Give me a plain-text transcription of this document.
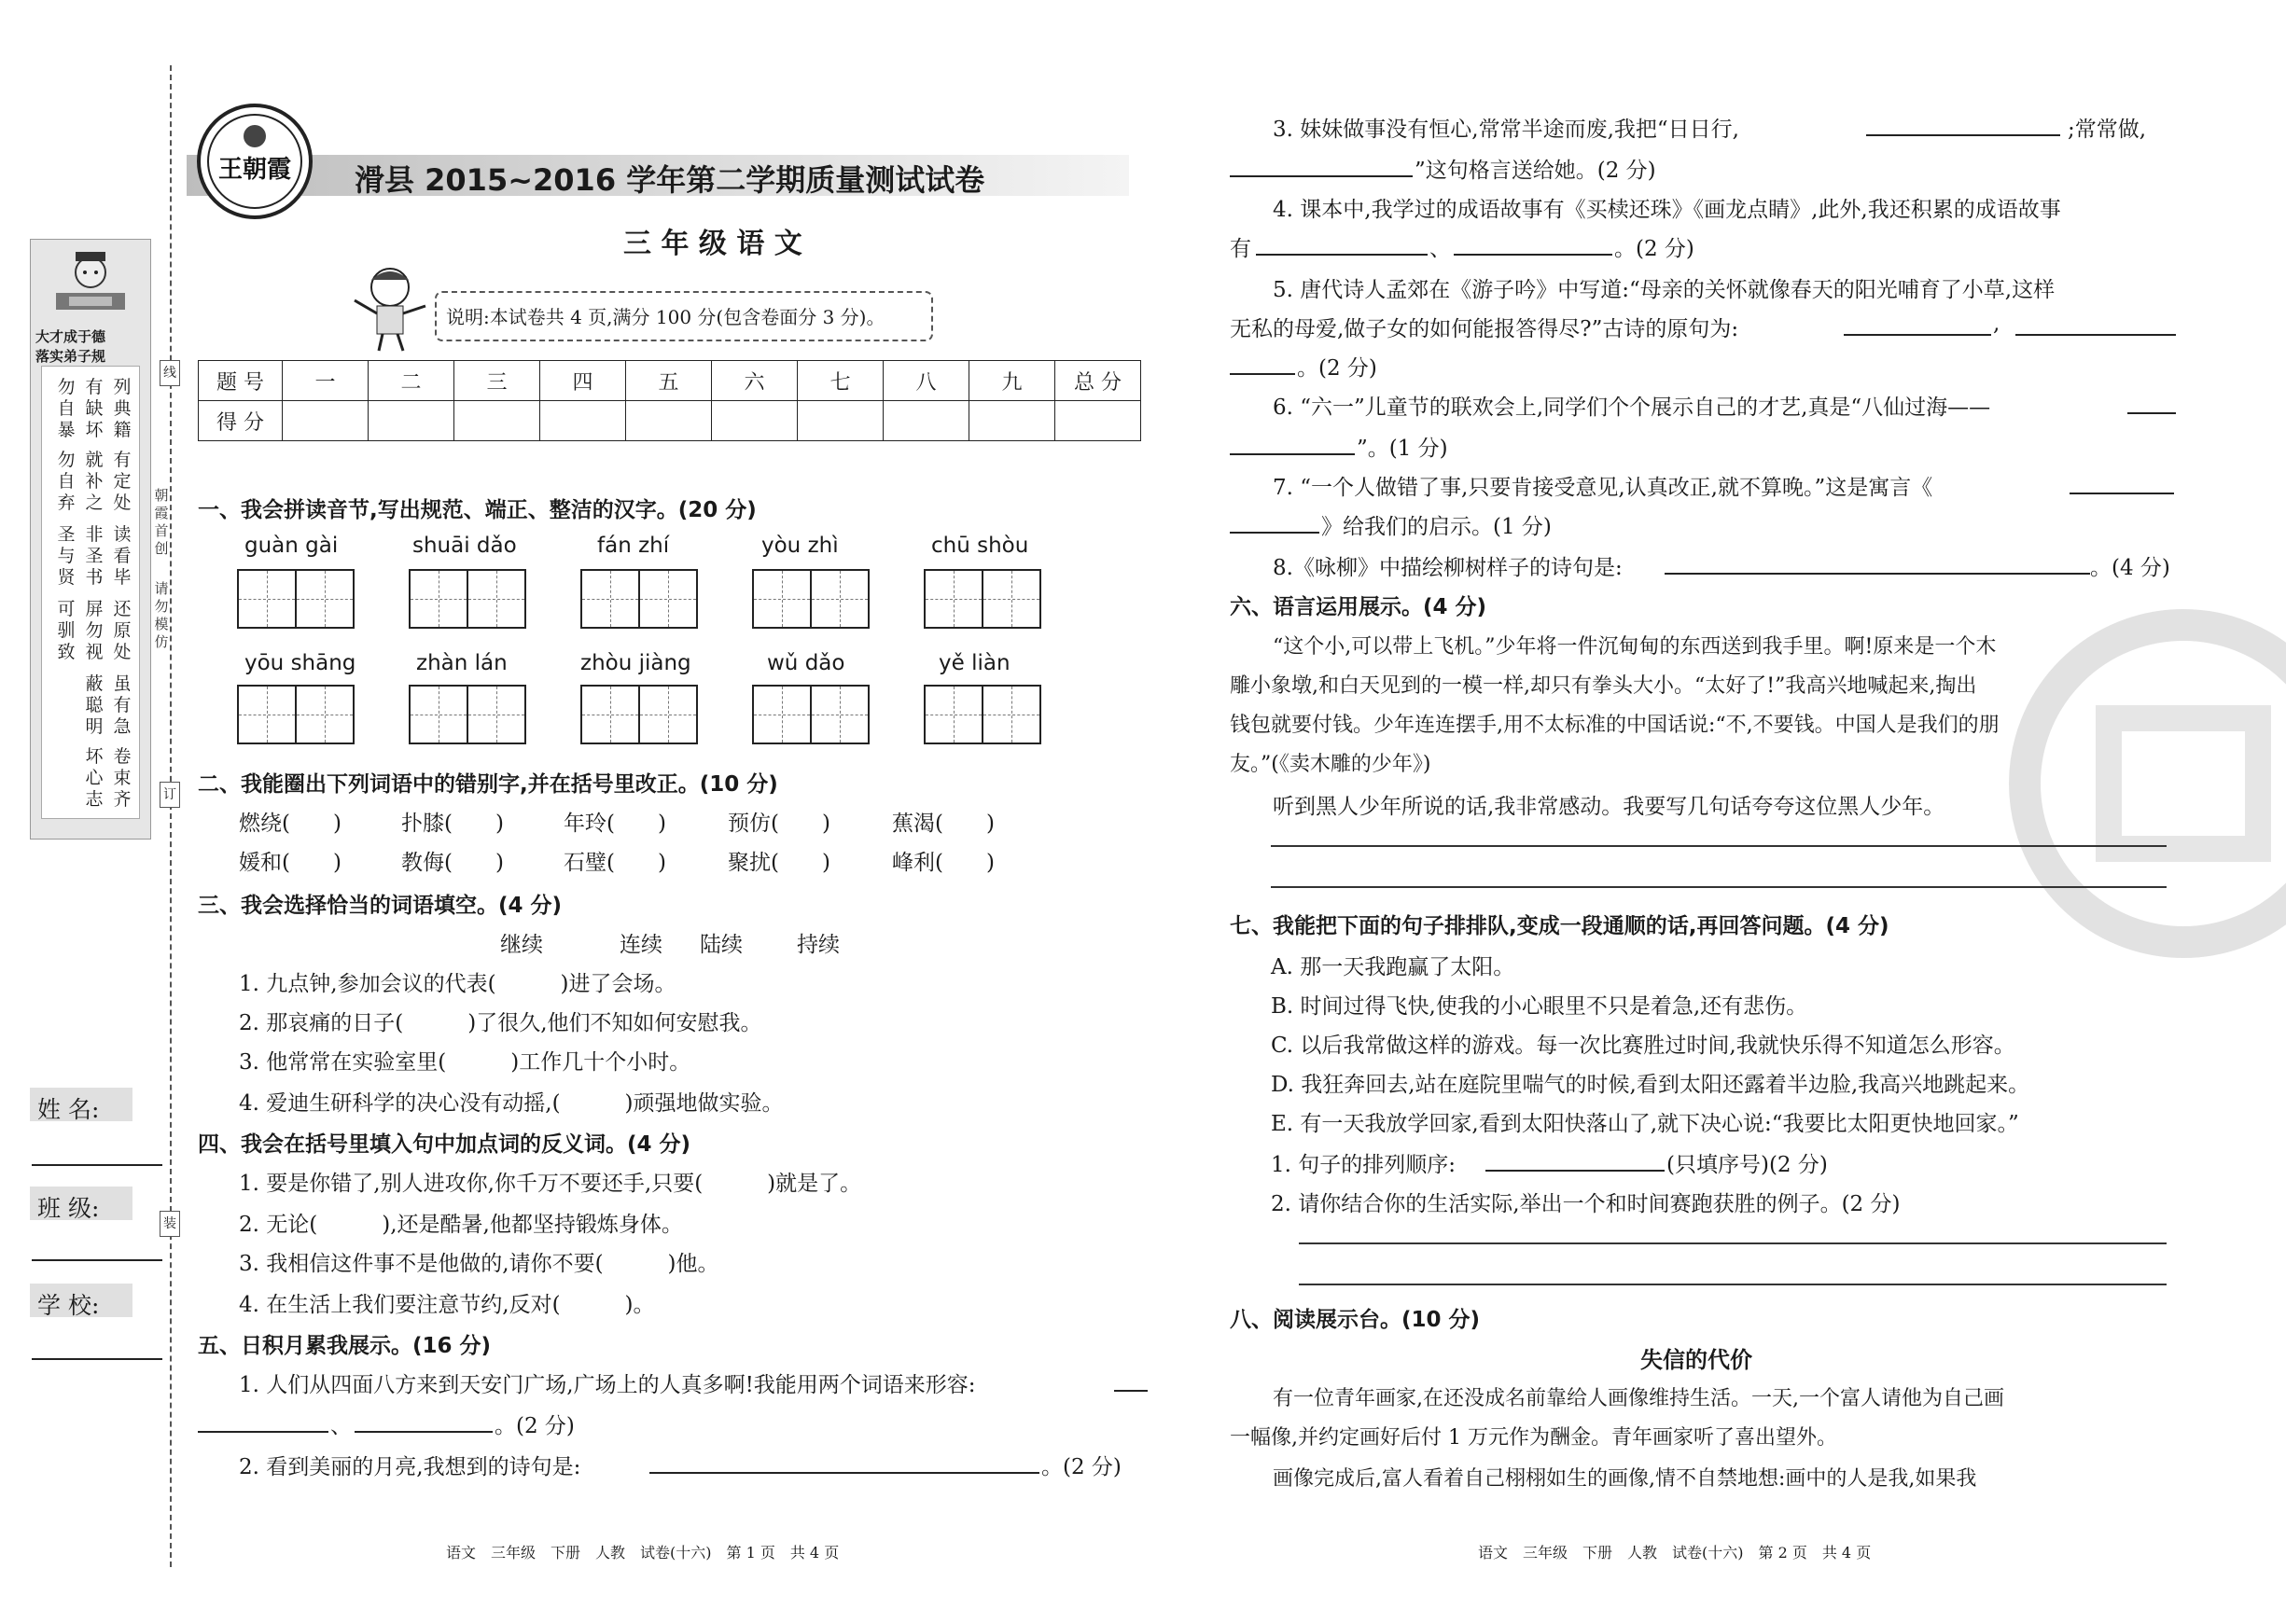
线
订
装
大才成于德
落实弟子规
列典籍
有缺坏
勿自暴
有定处
就补之
勿自弃
读看毕
非圣书
圣与贤
还原处
屏勿视
可驯致
虽有急
蔽聪明
卷束齐
坏心志
朝霞首创
请勿模仿
姓 名:
班 级:
学 校:
王朝霞 滑县 2015~2016 学年第二学期质量测试试卷
三 年 级 语 文
说明:本试卷共 4 页,满分 100 分(包含卷面分 3 分)。
题 号	一	二	三	四	五	六	七	八	九	总 分
得 分										
一、我会拼读音节,写出规范、端正、整洁的汉字。(20 分)
guàn gài	shuāi dǎo	fán zhí	yòu zhì	chū shòu
yōu shāng	zhàn lán	zhòu jiàng	wǔ dǎo	yě liàn
二、我能圈出下列词语中的错别字,并在括号里改正。(10 分)
燃绕(　　)	扑膝(　　)	年玲(　　)	预仿(　　)	蕉渴(　　)
媛和(　　)	教侮(　　)	石璧(　　)	聚扰(　　)	峰利(　　)
三、我会选择恰当的词语填空。(4 分)
继续	连续 陆续	持续
1. 九点钟,参加会议的代表(　　　)进了会场。
2. 那哀痛的日子(　　　)了很久,他们不知如何安慰我。
3. 他常常在实验室里(　　　)工作几十个小时。
4. 爱迪生研科学的决心没有动摇,(　　　)顽强地做实验。
四、我会在括号里填入句中加点词的反义词。(4 分)
1. 要是你错了,别人进攻你,你千万不要还手,只要(　　　)就是了。
2. 无论(　　　),还是酷暑,他都坚持锻炼身体。
3. 我相信这件事不是他做的,请你不要(　　　)他。
4. 在生活上我们要注意节约,反对(　　　)。
五、日积月累我展示。(16 分)
1. 人们从四面八方来到天安门广场,广场上的人真多啊!我能用两个词语来形容:
、	。(2 分)
2. 看到美丽的月亮,我想到的诗句是:	。(2 分)
语文　三年级　下册　人教　试卷(十六)　第 1 页　共 4 页
3. 妹妹做事没有恒心,常常半途而废,我把“日日行,	;常常做,
”这句格言送给她。(2 分)
4. 课本中,我学过的成语故事有《买椟还珠》《画龙点睛》,此外,我还积累的成语故事
有	、	。(2 分)
5. 唐代诗人孟郊在《游子吟》中写道:“母亲的关怀就像春天的阳光哺育了小草,这样
无私的母爱,做子女的如何能报答得尽?”古诗的原句为:	,
。(2 分)
6. “六一”儿童节的联欢会上,同学们个个展示自己的才艺,真是“八仙过海——
”。(1 分)
7. “一个人做错了事,只要肯接受意见,认真改正,就不算晚。”这是寓言《
》给我们的启示。(1 分)
8.《咏柳》中描绘柳树样子的诗句是:	。(4 分)
六、语言运用展示。(4 分)
“这个小,可以带上飞机。”少年将一件沉甸甸的东西送到我手里。啊!原来是一个木
雕小象墩,和白天见到的一模一样,却只有拳头大小。“太好了!”我高兴地喊起来,掏出
钱包就要付钱。少年连连摆手,用不太标准的中国话说:“不,不要钱。中国人是我们的朋
友。”(《卖木雕的少年》)
听到黑人少年所说的话,我非常感动。我要写几句话夸夸这位黑人少年。
七、我能把下面的句子排排队,变成一段通顺的话,再回答问题。(4 分)
A. 那一天我跑赢了太阳。
B. 时间过得飞快,使我的小心眼里不只是着急,还有悲伤。
C. 以后我常做这样的游戏。每一次比赛胜过时间,我就快乐得不知道怎么形容。
D. 我狂奔回去,站在庭院里喘气的时候,看到太阳还露着半边脸,我高兴地跳起来。
E. 有一天我放学回家,看到太阳快落山了,就下决心说:“我要比太阳更快地回家。”
1. 句子的排列顺序:	(只填序号)(2 分)
2. 请你结合你的生活实际,举出一个和时间赛跑获胜的例子。(2 分)
八、阅读展示台。(10 分)
失信的代价
有一位青年画家,在还没成名前靠给人画像维持生活。一天,一个富人请他为自己画
一幅像,并约定画好后付 1 万元作为酬金。青年画家听了喜出望外。
画像完成后,富人看着自己栩栩如生的画像,情不自禁地想:画中的人是我,如果我
语文　三年级　下册　人教　试卷(十六)　第 2 页　共 4 页
